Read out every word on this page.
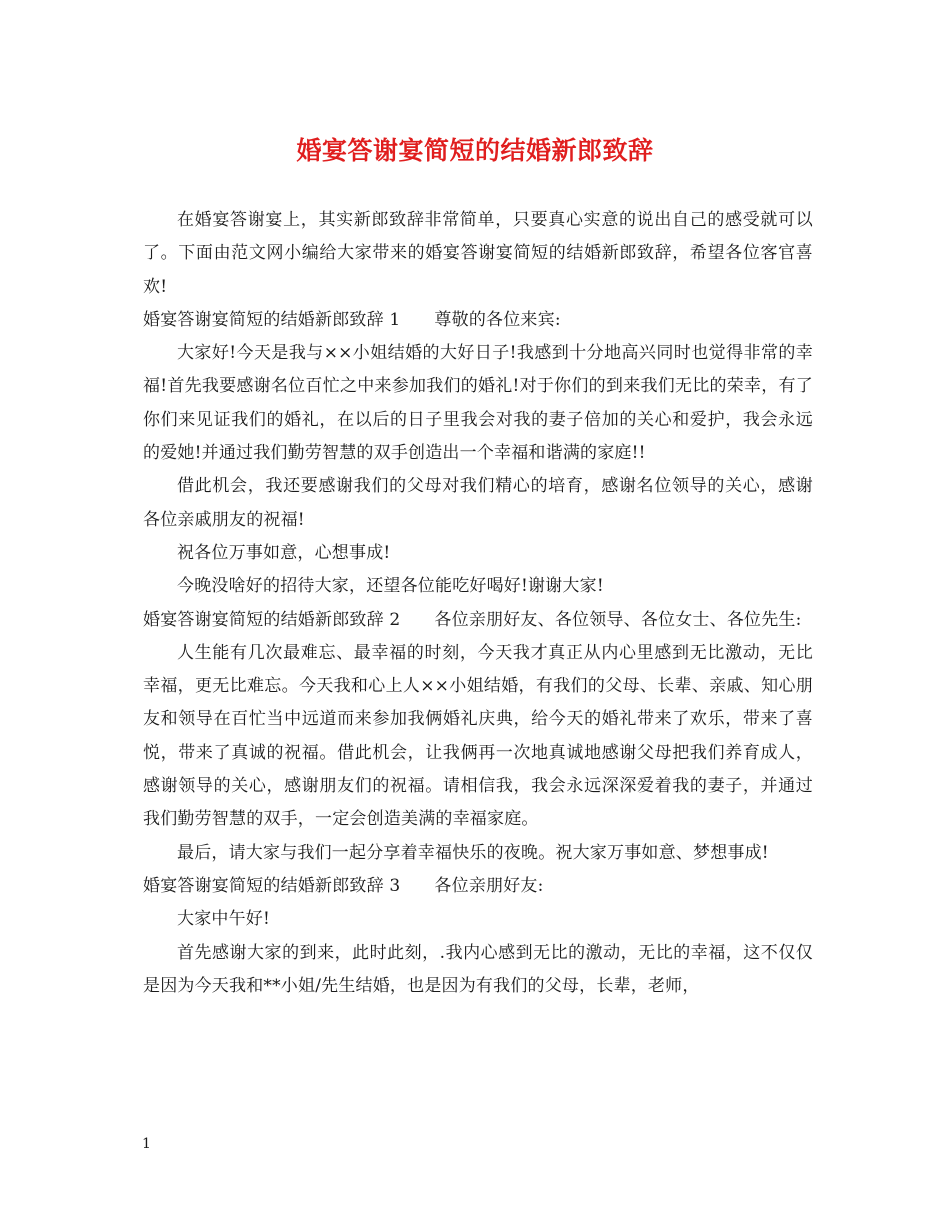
婚宴答谢宴简短的结婚新郎致辞

在婚宴答谢宴上，其实新郎致辞非常简单，只要真心实意的说出自己的感受就可以了。下面由范文网小编给大家带来的婚宴答谢宴简短的结婚新郎致辞，希望各位客官喜欢!

婚宴答谢宴简短的结婚新郎致辞 1 尊敬的各位来宾:

大家好!今天是我与××小姐结婚的大好日子!我感到十分地高兴同时也觉得非常的幸福!首先我要感谢名位百忙之中来参加我们的婚礼!对于你们的到来我们无比的荣幸，有了你们来见证我们的婚礼，在以后的日子里我会对我的妻子倍加的关心和爱护，我会永远的爱她!并通过我们勤劳智慧的双手创造出一个幸福和谐满的家庭!!

借此机会，我还要感谢我们的父母对我们精心的培育，感谢名位领导的关心，感谢各位亲戚朋友的祝福!

祝各位万事如意，心想事成!

今晚没啥好的招待大家，还望各位能吃好喝好!谢谢大家!

婚宴答谢宴简短的结婚新郎致辞 2 各位亲朋好友、各位领导、各位女士、各位先生:

人生能有几次最难忘、最幸福的时刻，今天我才真正从内心里感到无比激动，无比幸福，更无比难忘。今天我和心上人××小姐结婚，有我们的父母、长辈、亲戚、知心朋友和领导在百忙当中远道而来参加我俩婚礼庆典，给今天的婚礼带来了欢乐，带来了喜悦，带来了真诚的祝福。借此机会，让我俩再一次地真诚地感谢父母把我们养育成人，感谢领导的关心，感谢朋友们的祝福。请相信我，我会永远深深爱着我的妻子，并通过我们勤劳智慧的双手，一定会创造美满的幸福家庭。

最后，请大家与我们一起分享着幸福快乐的夜晚。祝大家万事如意、梦想事成!

婚宴答谢宴简短的结婚新郎致辞 3 各位亲朋好友:

大家中午好!

首先感谢大家的到来，此时此刻，.我内心感到无比的激动，无比的幸福，这不仅仅是因为今天我和**小姐/先生结婚，也是因为有我们的父母，长辈，老师，

1
